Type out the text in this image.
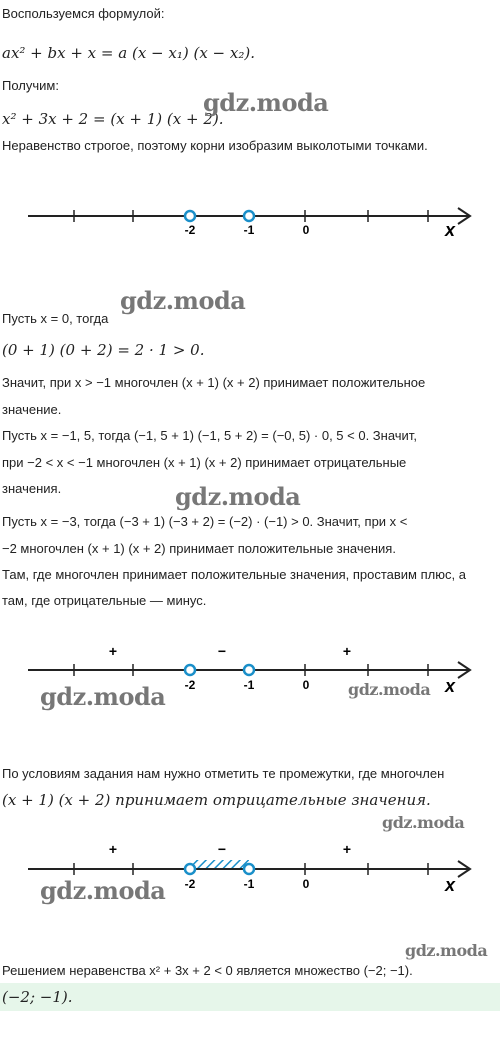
Воспользуемся формулой:
ax² + bx + x = a (x − x₁) (x − x₂).
Получим:
x² + 3x + 2 = (x + 1) (x + 2).
gdz.moda
Неравенство строгое, поэтому корни изобразим выколотыми точками.
-2	-1	0	x
gdz.moda
Пусть x = 0, тогда
(0 + 1) (0 + 2) = 2 · 1 > 0.
Значит, при x > −1 многочлен (x + 1) (x + 2) принимает положительное
значение.
Пусть x = −1, 5, тогда (−1, 5 + 1) (−1, 5 + 2) = (−0, 5) · 0, 5 < 0. Значит,
при −2 < x < −1 многочлен (x + 1) (x + 2) принимает отрицательные
значения.	gdz.moda
Пусть x = −3, тогда (−3 + 1) (−3 + 2) = (−2) · (−1) > 0. Значит, при x <
−2 многочлен (x + 1) (x + 2) принимает положительные значения.
Там, где многочлен принимает положительные значения, проставим плюс, а
там, где отрицательные — минус.
+	−	+
-2	-1	0	x
gdz.moda	gdz.moda
По условиям задания нам нужно отметить те промежутки, где многочлен
(x + 1) (x + 2) принимает отрицательные значения.
gdz.moda
+	−	+
-2	-1	0	x
gdz.moda
gdz.moda
Решением неравенства x² + 3x + 2 < 0 является множество (−2; −1).
(−2; −1).
